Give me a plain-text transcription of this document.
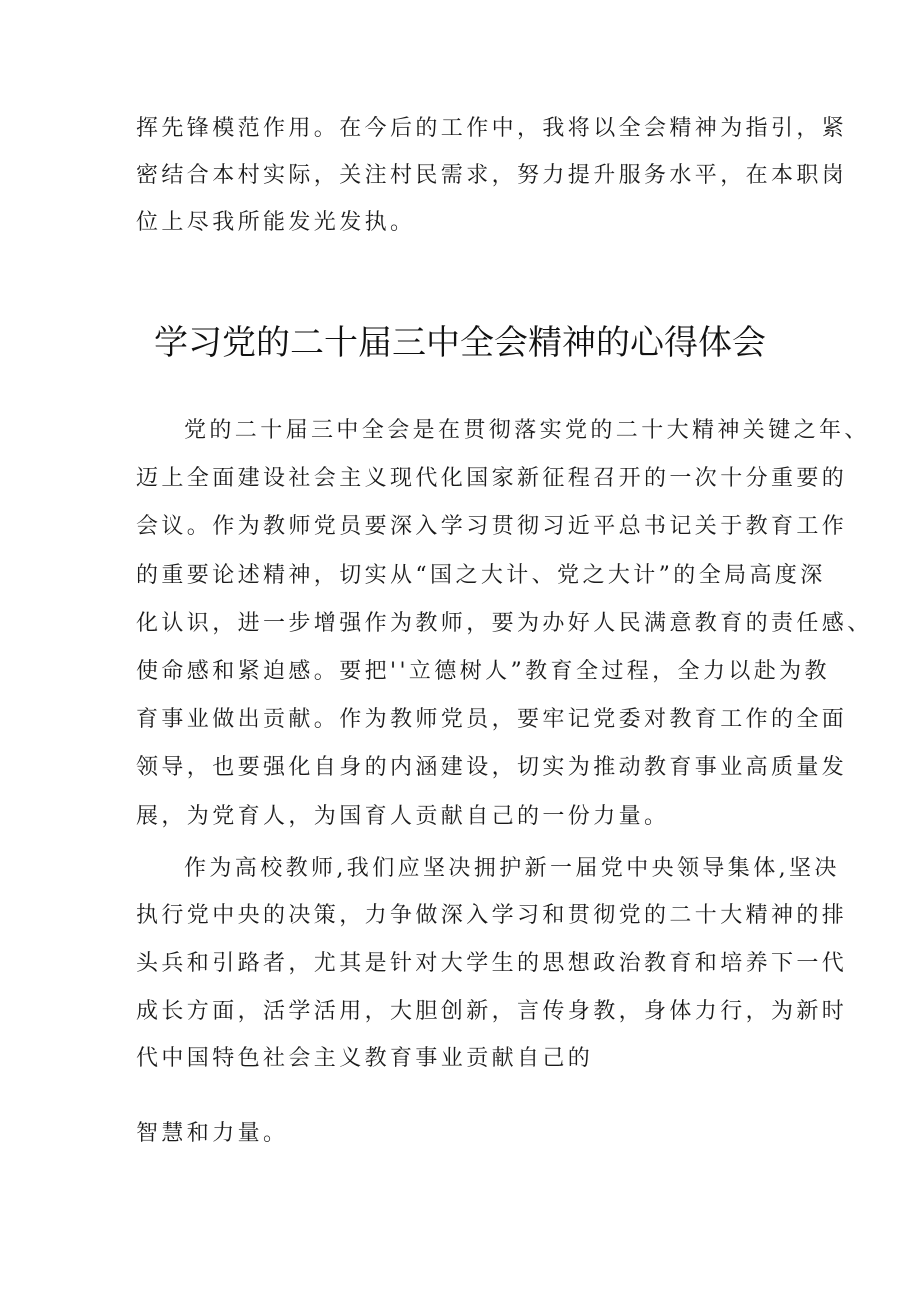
挥先锋模范作用。在今后的工作中，我将以全会精神为指引，紧
密结合本村实际，关注村民需求，努力提升服务水平，在本职岗
位上尽我所能发光发执。
学习党的二十届三中全会精神的心得体会
党的二十届三中全会是在贯彻落实党的二十大精神关键之年、
迈上全面建设社会主义现代化国家新征程召开的一次十分重要的
会议。作为教师党员要深入学习贯彻习近平总书记关于教育工作
的重要论述精神，切实从“国之大计、党之大计”的全局高度深
化认识，进一步增强作为教师，要为办好人民满意教育的责任感、
使命感和紧迫感。要把''立德树人”教育全过程，全力以赴为教
育事业做出贡献。作为教师党员，要牢记党委对教育工作的全面
领导，也要强化自身的内涵建设，切实为推动教育事业高质量发
展，为党育人，为国育人贡献自己的一份力量。
作为高校教师,我们应坚决拥护新一届党中央领导集体,坚决
执行党中央的决策，力争做深入学习和贯彻党的二十大精神的排
头兵和引路者，尤其是针对大学生的思想政治教育和培养下一代
成长方面，活学活用，大胆创新，言传身教，身体力行，为新时
代中国特色社会主义教育事业贡献自己的
智慧和力量。
